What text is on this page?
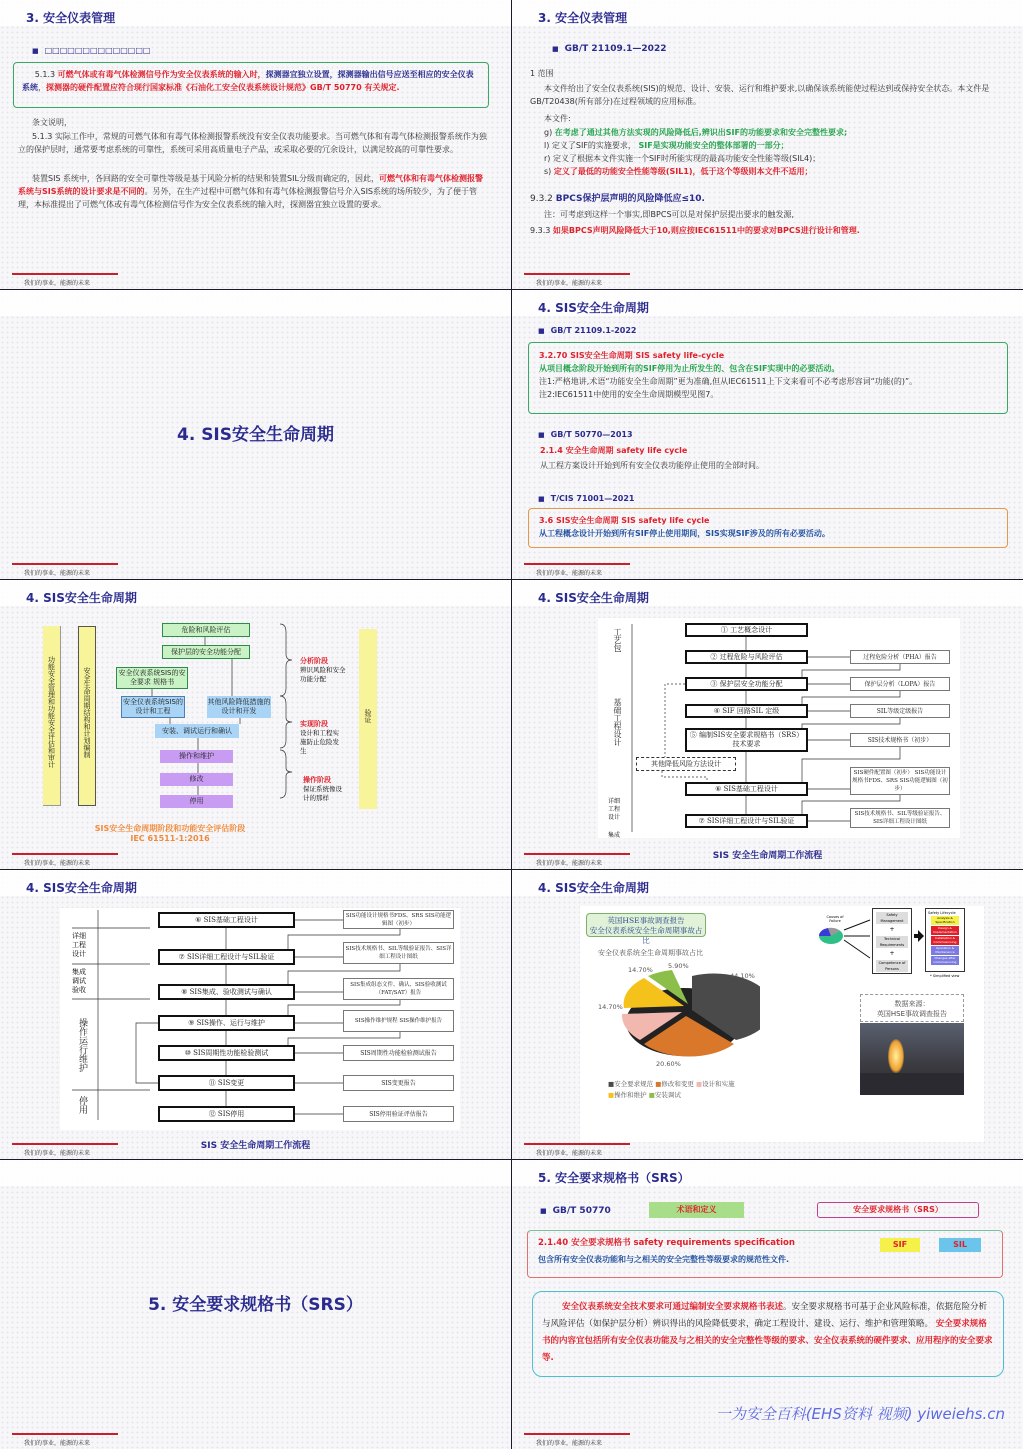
3. 安全仪表管理
■ □□□□□□□□□□□□□□
5.1.3 可燃气体或有毒气体检测信号作为安全仪表系统的输入时，探测器宜独立设置，探测器输出信号应送至相应的安全仪表系统，探测器的硬件配置应符合现行国家标准《石油化工安全仪表系统设计规范》GB/T 50770 有关规定.
条文说明，
5.1.3 实际工作中，常规的可燃气体和有毒气体检测报警系统没有安全仪表功能要求。当可燃气体和有毒气体检测报警系统作为独立的保护层时，通常要考虑系统的可靠性，系统可采用高质量电子产品，或采取必要的冗余设计，以满足较高的可靠性要求。
装置SIS 系统中，各回路的安全可靠性等级是基于风险分析的结果和装置SIL分级而确定的，因此，可燃气体和有毒气体检测报警系统与SIS系统的设计要求是不同的。另外，在生产过程中可燃气体和有毒气体检测报警信号介入SIS系统的场所较少，为了便于管理，本标准提出了可燃气体或有毒气体检测信号作为安全仪表系统的输入时，探测器宜独立设置的要求。
我们的事业，能源的未来
3. 安全仪表管理
■ GB/T 21109.1—2022
1 范围
本文件给出了安全仪表系统(SIS)的规范、设计、安装、运行和维护要求,以确保该系统能使过程达到或保持安全状态。本文件是GB/T20438(所有部分)在过程领域的应用标准。
本文件:
g) 在考虑了通过其他方法实现的风险降低后,辨识出SIF的功能要求和安全完整性要求;
l) 定义了SIF的实施要求， SIF是实现功能安全的整体部署的一部分；
r) 定义了根据本文件实施一个SIF时所能实现的最高功能安全性能等级(SIL4)；
s) 定义了最低的功能安全性能等级(SIL1)，低于这个等级则本文件不适用；
9.3.2 BPCS保护层声明的风险降低应≤10.
注：可考虑到这样一个事实,即BPCS可以是对保护层提出要求的触发源,
9.3.3 如果BPCS声明风险降低大于10,则应按IEC61511中的要求对BPCS进行设计和管理.
我们的事业，能源的未来
4. SIS安全生命周期
我们的事业，能源的未来
4. SIS安全生命周期
■ GB/T 21109.1-2022
3.2.70 SIS安全生命周期 SIS safety life-cycle
从项目概念阶段开始到所有的SIF停用为止所发生的、包含在SIF实现中的必要活动。
注1:严格地讲,术语“功能安全生命周期”更为准确,但从IEC61511上下文来看可不必考虑形容词“功能(的)”。
注2:IEC61511中使用的安全生命周期模型见图7。
■ GB/T 50770—2013
2.1.4 安全生命周期 safety life cycle
从工程方案设计开始到所有安全仪表功能停止使用的全部时间。
■ T/CIS 71001—2021
3.6 SIS安全生命周期 SIS safety life cycle
从工程概念设计开始到所有SIF停止使用期间，SIS实现SIF涉及的所有必要活动。
我们的事业，能源的未来
4. SIS安全生命周期
功能安全管理和功能安全评估和审计	安全生命周期结构和计划编制
危险和风险评估
保护层的安全功能分配
安全仪表系统SIS的安全要求 规格书
安全仪表系统SIS的设计和工程
其他风险降低措施的设计和开发
安装、调试运行和确认
操作和维护
修改
停用
分析阶段
辨识风险和安全功能分配
实现阶段
设计和工程实施防止危险发生
操作阶段
保证系统像设计的那样
验证
SIS安全生命周期阶段和功能安全评估阶段
IEC 61511-1:2016
我们的事业，能源的未来
4. SIS安全生命周期
工艺包
基础工程设计
详细工程设计
集成
① 工艺概念设计
② 过程危险与风险评估
③ 保护层安全功能分配
④ SIF 回路SIL 定级
⑤ 编制SIS安全要求规格书（SRS）技术要求
其他降低风险方法设计
⑥ SIS基础工程设计
⑦ SIS详细工程设计与SIL验证
过程危险分析（PHA）报告
保护层分析（LOPA）报告
SIL等级定级报告
SIS技术规格书（初步）
SIS硬件配置图（初步） SIS功能设计规格书FDS、SRS SIS功能逻辑图（初步）
SIS技术规格书、SIL等级验证报告、SIS详细工程设计图纸
SIS 安全生命周期工作流程
我们的事业，能源的未来
4. SIS安全生命周期
详细工程设计
集成调试验收
操作运行维护
停用
⑥ SIS基础工程设计
⑦ SIS详细工程设计与SIL验证
⑧ SIS集成、验收测试与确认
⑨ SIS操作、运行与维护
⑩ SIS周期性功能检验测试
⑪ SIS变更
⑫ SIS停用
SIS功能设计规格书FDS、SRS SIS功能逻辑图（初步）
SIS技术规格书、SIL等级验证报告、SIS详细工程设计图纸
SIS集成组态文件、确认、SIS验收测试（FAT/SAT）报告
SIS操作维护规程 SIS操作维护报告
SIS周期性功能检验测试报告
SIS变更报告
SIS停用验证评估报告
SIS 安全生命周期工作流程
我们的事业，能源的未来
4. SIS安全生命周期
英国HSE事故调查报告
安全仪表系统安全生命周期事故占比
安全仪表系统全生命周期事故占比
44.10%
20.60%
14.70%
14.70% 5.90%
■安全要求规范 ■修改和变更 ■设计和实施
■操作和维护 ■安装调试
Causes of Failure
Safety Management
+
Technical Requirements
+
Competence of Persons
Safety Lifecycle
Analysis & Specification
Design & Implementation
Installation & Commissioning
Operation & Maintenance
Changes after Commissioning
* Simplified view
数据来源：
英国HSE事故调查报告
我们的事业，能源的未来
5. 安全要求规格书（SRS）
我们的事业，能源的未来
5. 安全要求规格书（SRS）
■ GB/T 50770	术语和定义	安全要求规格书（SRS）
2.1.40 安全要求规格书 safety requirements specification
包含所有安全仪表功能和与之相关的安全完整性等级要求的规范性文件.
SIF	SIL
安全仪表系统安全技术要求可通过编制安全要求规格书表述。安全要求规格书可基于企业风险标准，依据危险分析与风险评估（如保护层分析）辨识得出的风险降低要求，确定工程设计、建设、运行、维护和管理策略。 安全要求规格书的内容宜包括所有安全仪表功能及与之相关的安全完整性等级的要求、安全仪表系统的硬件要求、应用程序的安全要求等.
一为安全百科(EHS资料 视频) yiweiehs.cn
我们的事业，能源的未来
